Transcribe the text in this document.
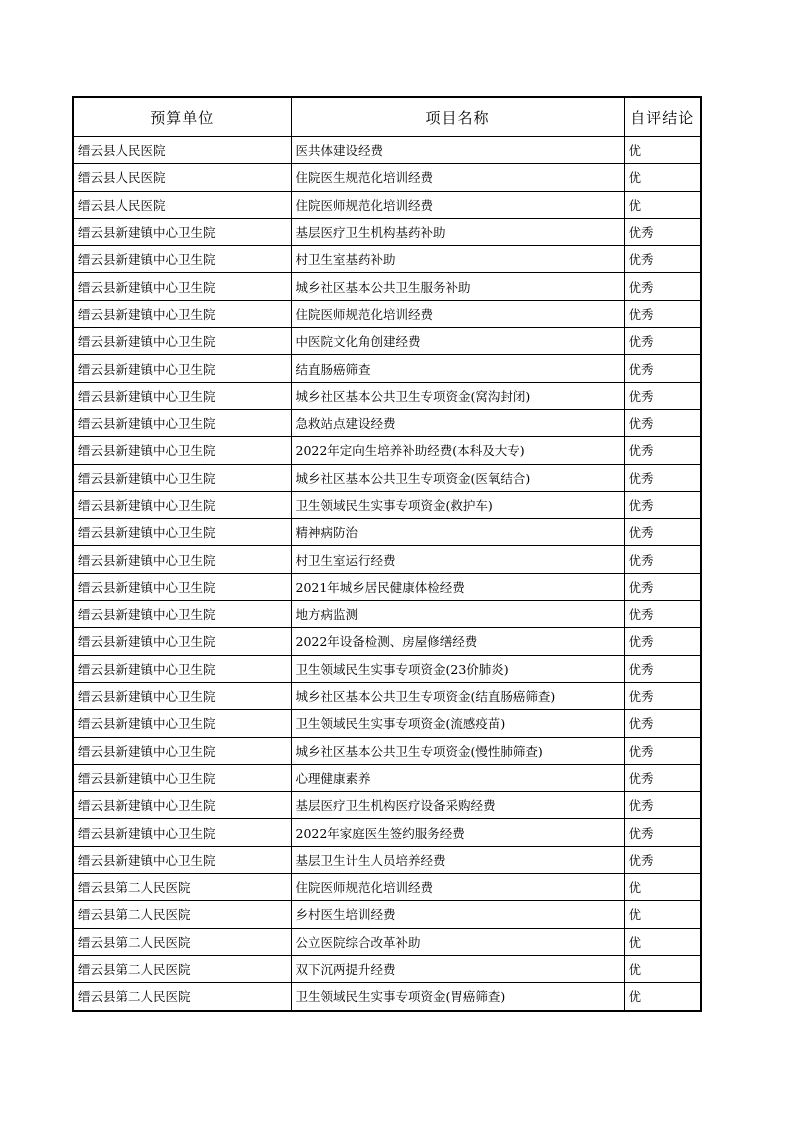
预算单位	项目名称	自评结论
缙云县人民医院	医共体建设经费	优
缙云县人民医院	住院医生规范化培训经费	优
缙云县人民医院	住院医师规范化培训经费	优
缙云县新建镇中心卫生院	基层医疗卫生机构基药补助	优秀
缙云县新建镇中心卫生院	村卫生室基药补助	优秀
缙云县新建镇中心卫生院	城乡社区基本公共卫生服务补助	优秀
缙云县新建镇中心卫生院	住院医师规范化培训经费	优秀
缙云县新建镇中心卫生院	中医院文化角创建经费	优秀
缙云县新建镇中心卫生院	结直肠癌筛查	优秀
缙云县新建镇中心卫生院	城乡社区基本公共卫生专项资金(窝沟封闭)	优秀
缙云县新建镇中心卫生院	急救站点建设经费	优秀
缙云县新建镇中心卫生院	2022年定向生培养补助经费(本科及大专)	优秀
缙云县新建镇中心卫生院	城乡社区基本公共卫生专项资金(医氧结合)	优秀
缙云县新建镇中心卫生院	卫生领域民生实事专项资金(救护车)	优秀
缙云县新建镇中心卫生院	精神病防治	优秀
缙云县新建镇中心卫生院	村卫生室运行经费	优秀
缙云县新建镇中心卫生院	2021年城乡居民健康体检经费	优秀
缙云县新建镇中心卫生院	地方病监测	优秀
缙云县新建镇中心卫生院	2022年设备检测、房屋修缮经费	优秀
缙云县新建镇中心卫生院	卫生领域民生实事专项资金(23价肺炎)	优秀
缙云县新建镇中心卫生院	城乡社区基本公共卫生专项资金(结直肠癌筛查)	优秀
缙云县新建镇中心卫生院	卫生领域民生实事专项资金(流感疫苗)	优秀
缙云县新建镇中心卫生院	城乡社区基本公共卫生专项资金(慢性肺筛查)	优秀
缙云县新建镇中心卫生院	心理健康素养	优秀
缙云县新建镇中心卫生院	基层医疗卫生机构医疗设备采购经费	优秀
缙云县新建镇中心卫生院	2022年家庭医生签约服务经费	优秀
缙云县新建镇中心卫生院	基层卫生计生人员培养经费	优秀
缙云县第二人民医院	住院医师规范化培训经费	优
缙云县第二人民医院	乡村医生培训经费	优
缙云县第二人民医院	公立医院综合改革补助	优
缙云县第二人民医院	双下沉两提升经费	优
缙云县第二人民医院	卫生领域民生实事专项资金(胃癌筛查)	优
